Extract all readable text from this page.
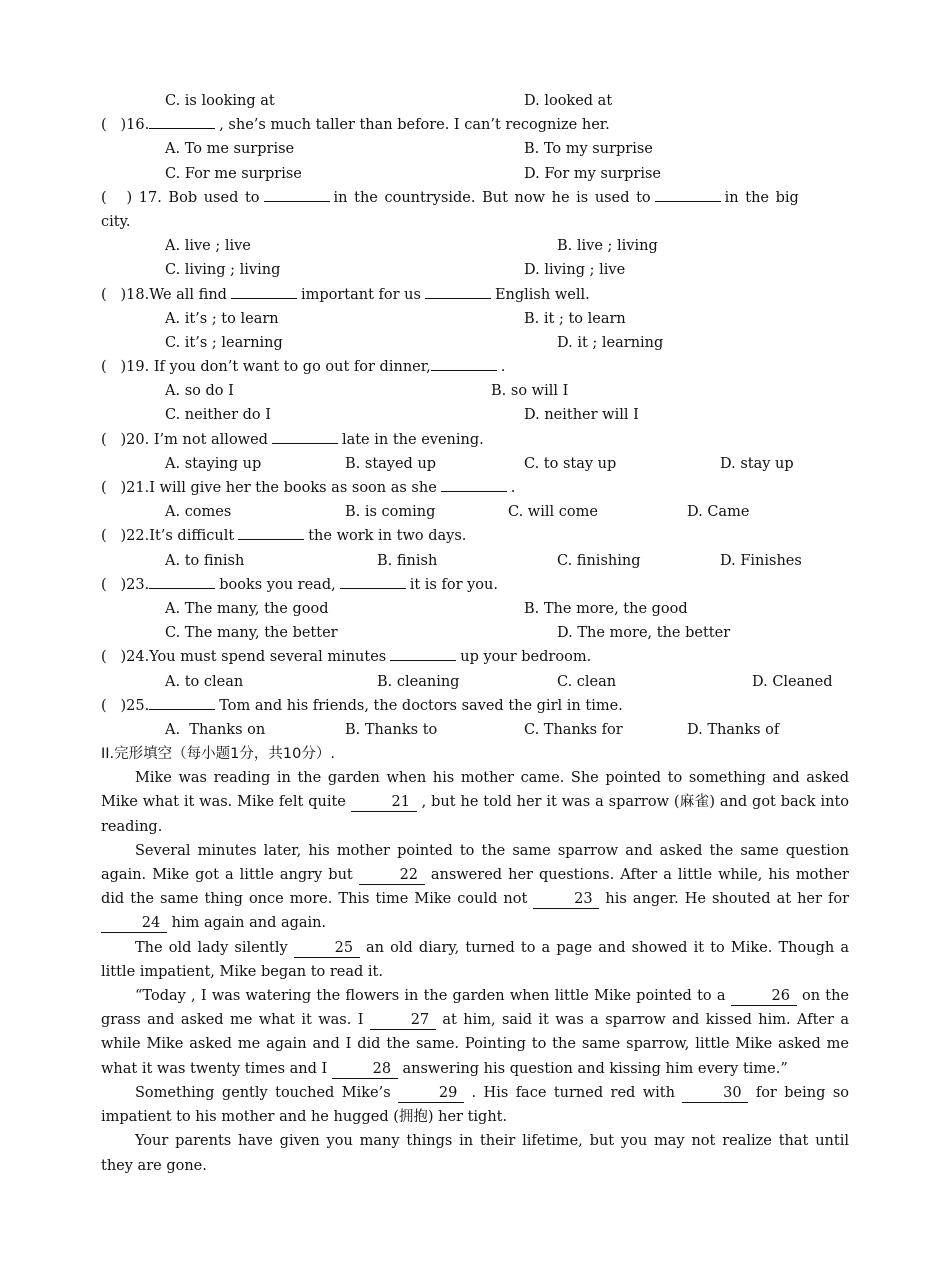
C. is looking at

	D. looked at

(   )16.	, she’s much taller than before. I can’t recognize her.

A. To me surprise

	B. To my surprise

C. For me surprise

	D. For my surprise

(   ) 17. Bob used to	in the countryside. But now he is used to	in the big
city.

A. live ; live

	B. live ; living

C. living ; living

	D. living ; live

(   )18.We all find	important for us	English well.

A. it’s ; to learn

	B. it ; to learn

C. it’s ; learning

	D. it ; learning

(   )19. If you don’t want to go out for dinner,	.

A. so do I

	B. so will I

C. neither do I

	D. neither will I

(   )20. I’m not allowed	late in the evening.

A. staying up

	B. stayed up

	C. to stay up

	D. stay up

(   )21.I will give her the books as soon as she	.

A. comes

	B. is coming

	C. will come

	D. Came

(   )22.It’s difficult	the work in two days.

A. to finish

	B. finish

	C. finishing

	D. Finishes

(   )23.	books you read,	it is for you.

A. The many, the good

	B. The more, the good

C. The many, the better

	D. The more, the better

(   )24.You must spend several minutes	up your bedroom.

A. to clean

	B. cleaning

	C. clean

	D. Cleaned

(   )25.	Tom and his friends, the doctors saved the girl in time.

A.  Thanks on

	B. Thanks to

	C. Thanks for

	D. Thanks of

II.完形填空（每小题1分，共10分）.
Mike was reading in the garden when his mother came. She pointed to something and asked Mike what it was. Mike felt quite	21 , but he told her it was a sparrow (麻雀) and got back into reading.
Several minutes later, his mother pointed to the same sparrow and asked the same question again. Mike got a little angry but	22 answered her questions. After a little while, his mother did the same thing once more. This time Mike could not	23 his anger. He shouted at her for 24 him again and again.
The old lady silently	25 an old diary, turned to a page and showed it to Mike. Though a little impatient, Mike began to read it.
“Today , I was watering the flowers in the garden when little Mike pointed to a	26 on the grass and asked me what it was. I	27 at him, said it was a sparrow and kissed him. After a while Mike asked me again and I did the same. Pointing to the same sparrow, little Mike asked me what it was twenty times and I	28 answering his question and kissing him every time.”
Something gently touched Mike’s	29 . His face turned red with	30 for being so impatient to his mother and he hugged (拥抱) her tight.
Your parents have given you many things in their lifetime, but you may not realize that until they are gone.
